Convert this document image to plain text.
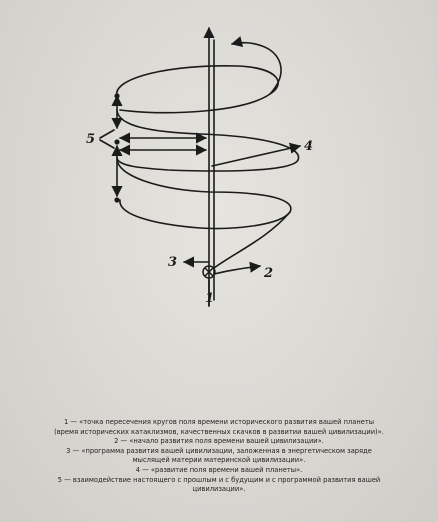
1
2
3
4
5
1 — «точка пересечения кругов поля времени исторического развития вашей планеты
(время исторических катаклизмов, качественных скачков в развитии вашей цивилизации)».
2 — «начало развития поля времени вашей цивилизации».
3 — «программа развития вашей цивилизации, заложенная в энергетическом заряде
мыслящей материи материнской цивилизации».
4 — «развитие поля времени вашей планеты».
5 — взаимодействие настоящего с прошлым и с будущим и с программой развития вашей
цивилизации».
